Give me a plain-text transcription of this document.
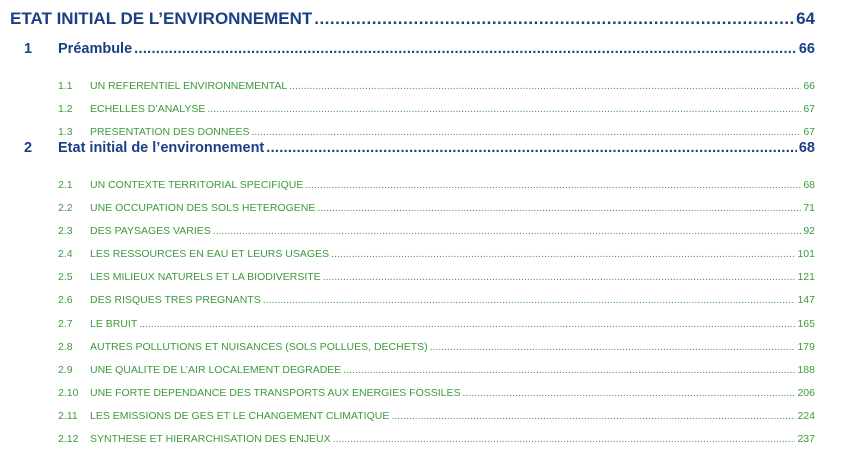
ETAT INITIAL DE L’ENVIRONNEMENT .....	64
1	Préambule .....	66
1.1	UN REFERENTIEL ENVIRONNEMENTAL .....	66
1.2	ECHELLES D’ANALYSE .....	67
1.3	PRESENTATION DES DONNEES .....	67
2	Etat initial de l’environnement .....	68
2.1	UN CONTEXTE TERRITORIAL SPECIFIQUE .....	68
2.2	UNE OCCUPATION DES SOLS HETEROGENE .....	71
2.3	DES PAYSAGES VARIES .....	92
2.4	LES RESSOURCES EN EAU ET LEURS USAGES .....	101
2.5	LES MILIEUX NATURELS ET LA BIODIVERSITE .....	121
2.6	DES RISQUES TRES PREGNANTS .....	147
2.7	LE BRUIT .....	165
2.8	AUTRES POLLUTIONS ET NUISANCES (SOLS POLLUES, DECHETS) .....	179
2.9	UNE QUALITE DE L’AIR LOCALEMENT DEGRADEE .....	188
2.10	UNE FORTE DEPENDANCE DES TRANSPORTS AUX ENERGIES FOSSILES .....	206
2.11	LES EMISSIONS DE GES ET LE CHANGEMENT CLIMATIQUE .....	224
2.12	SYNTHESE ET HIERARCHISATION DES ENJEUX .....	237
